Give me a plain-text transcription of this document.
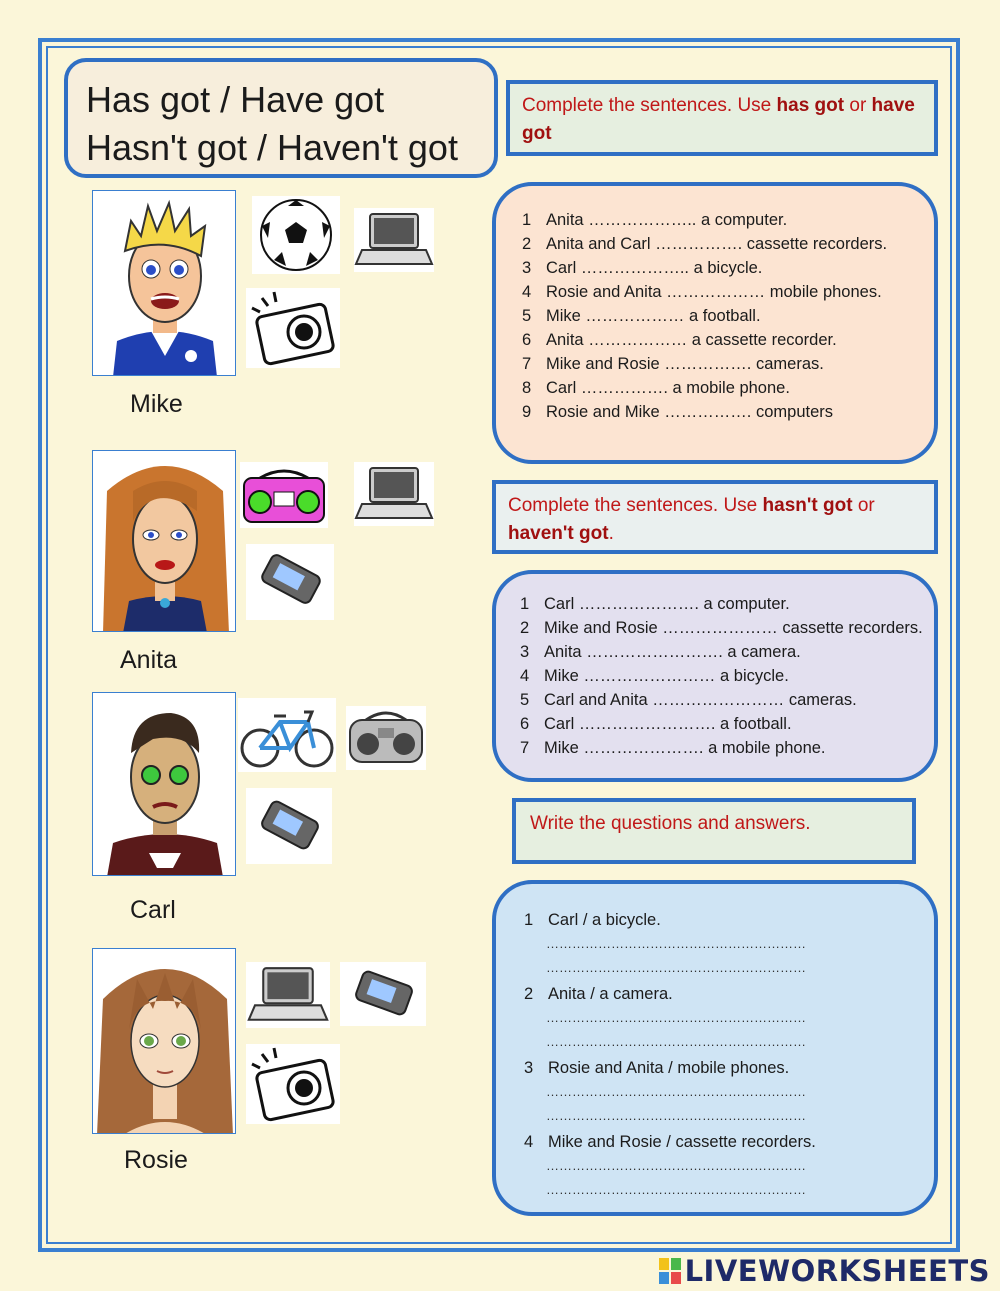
Has got / Have got
Hasn't got / Haven't got
Complete the sentences. Use has got or have got
1 Anita ……………….. a computer.
2 Anita and Carl ……………. cassette recorders.
3 Carl ……………….. a bicycle.
4 Rosie and Anita ……………… mobile phones.
5 Mike ……………… a football.
6 Anita ……………… a cassette recorder.
7 Mike and Rosie ……………. cameras.
8 Carl ……………. a mobile phone.
9 Rosie and Mike ……………. computers
Complete the sentences. Use hasn't got or haven't got.
1 Carl …………………. a computer.
2 Mike and Rosie ………………… cassette recorders.
3 Anita ……………………. a camera.
4 Mike …………………… a bicycle.
5 Carl and Anita …………………… cameras.
6 Carl ……………………. a football.
7 Mike …………………. a mobile phone.
Write the questions and answers.
1 Carl / a bicycle.
……………………………………………………
……………………………………………………
2 Anita / a camera.
……………………………………………………
……………………………………………………
3 Rosie and Anita / mobile phones.
……………………………………………………
……………………………………………………
4 Mike and Rosie / cassette recorders.
……………………………………………………
……………………………………………………
Mike
Anita
Carl
Rosie
LIVEWORKSHEETS
